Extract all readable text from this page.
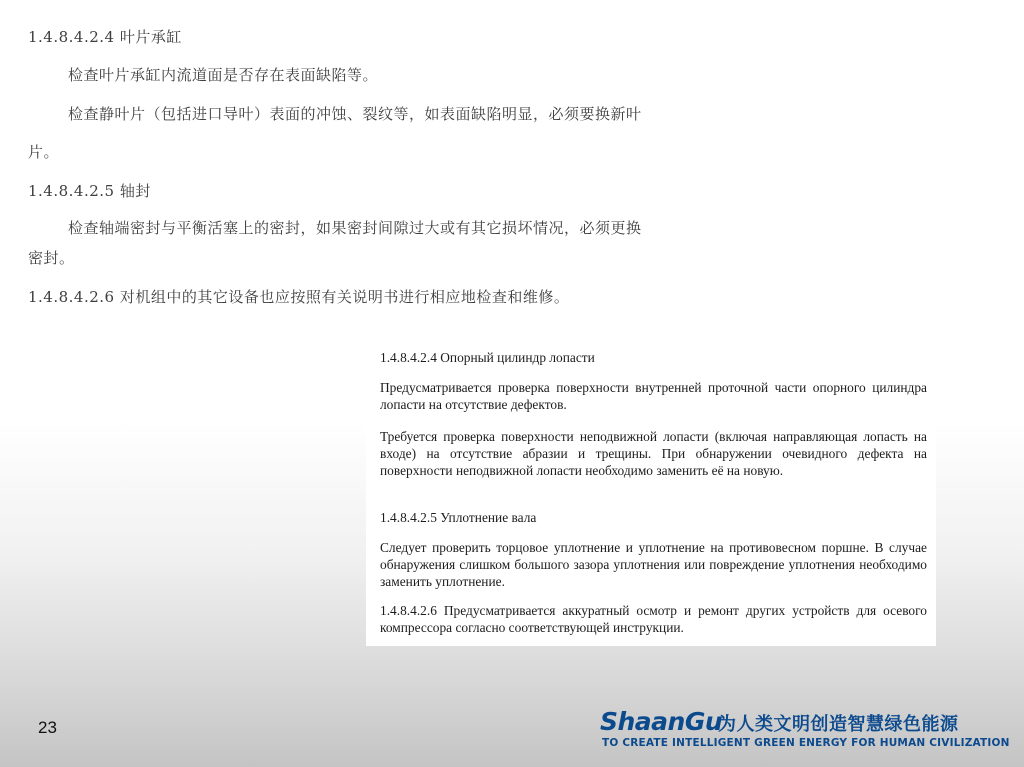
1.4.8.4.2.4 叶片承缸
检查叶片承缸内流道面是否存在表面缺陷等。
检查静叶片（包括进口导叶）表面的冲蚀、裂纹等，如表面缺陷明显，必须要换新叶
片。
1.4.8.4.2.5 轴封
检查轴端密封与平衡活塞上的密封，如果密封间隙过大或有其它损坏情况，必须更换
密封。
1.4.8.4.2.6 对机组中的其它设备也应按照有关说明书进行相应地检查和维修。
1.4.8.4.2.4 Опорный цилиндр лопасти

Предусматривается проверка поверхности внутренней проточной части опорного цилиндра лопасти на отсутствие дефектов.

Требуется проверка поверхности неподвижной лопасти (включая направляющая лопасть на входе) на отсутствие абразии и трещины. При обнаружении очевидного дефекта на поверхности неподвижной лопасти необходимо заменить её на новую.

1.4.8.4.2.5 Уплотнение вала

Следует проверить торцовое уплотнение и уплотнение на противовесном поршне. В случае обнаружения слишком большого зазора уплотнения или повреждение уплотнения необходимо заменить уплотнение.

1.4.8.4.2.6 Предусматривается аккуратный осмотр и ремонт других устройств для осевого компрессора согласно соответствующей инструкции.

23	ShaanGu
为人类文明创造智慧绿色能源
TO CREATE INTELLIGENT GREEN ENERGY FOR HUMAN CIVILIZATION
